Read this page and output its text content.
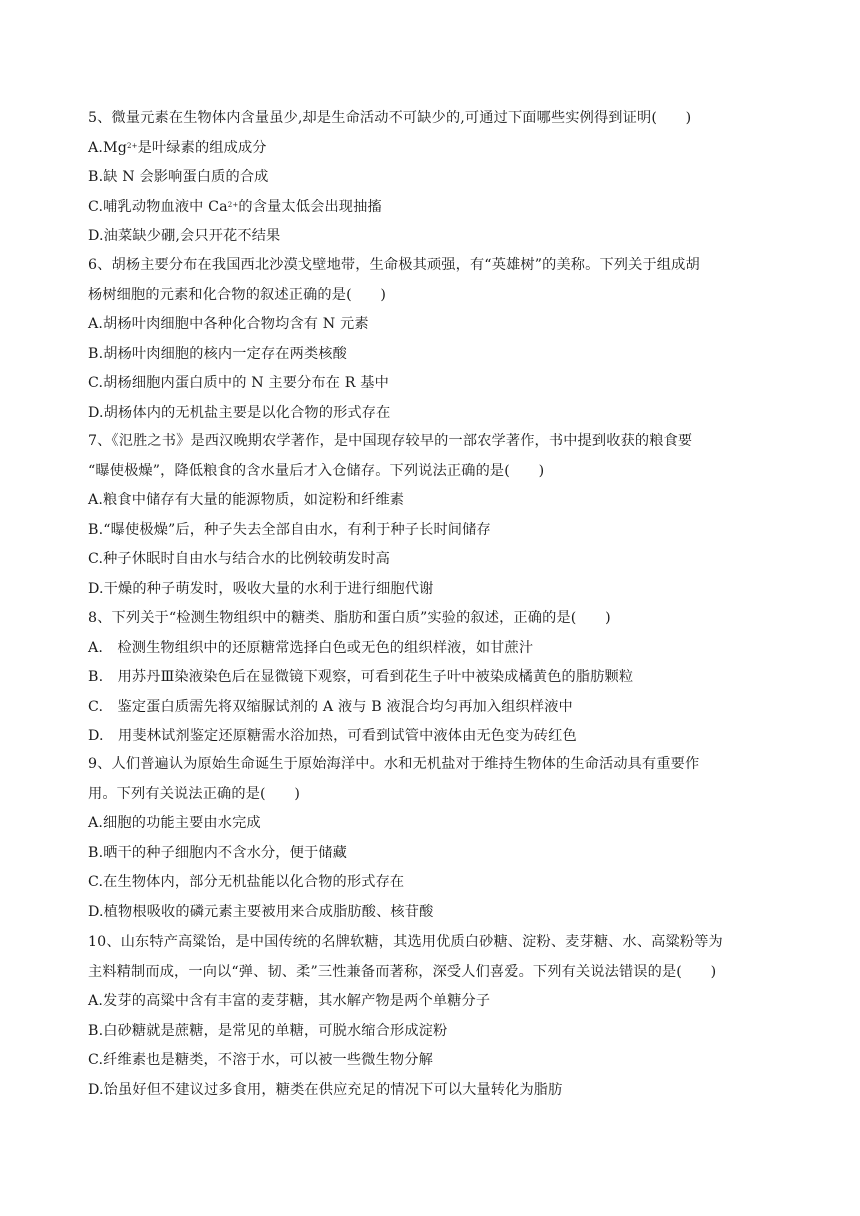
5、微量元素在生物体内含量虽少,却是生命活动不可缺少的,可通过下面哪些实例得到证明(　　)
$A.Mg^{2+}$是叶绿素的组成成分
B.缺 N 会影响蛋白质的合成
C.哺乳动物血液中 $Ca^{2+}$的含量太低会出现抽搐
D.油菜缺少硼,会只开花不结果
6、胡杨主要分布在我国西北沙漠戈壁地带，生命极其顽强，有“英雄树”的美称。下列关于组成胡
杨树细胞的元素和化合物的叙述正确的是(　　)
A.胡杨叶肉细胞中各种化合物均含有 N 元素
B.胡杨叶肉细胞的核内一定存在两类核酸
C.胡杨细胞内蛋白质中的 N 主要分布在 R 基中
D.胡杨体内的无机盐主要是以化合物的形式存在
7、《氾胜之书》是西汉晚期农学著作，是中国现存较早的一部农学著作，书中提到收获的粮食要
“曝使极燥”，降低粮食的含水量后才入仓储存。下列说法正确的是(　　)
A.粮食中储存有大量的能源物质，如淀粉和纤维素
B.“曝使极燥”后，种子失去全部自由水，有利于种子长时间储存
C.种子休眠时自由水与结合水的比例较萌发时高
D.干燥的种子萌发时，吸收大量的水利于进行细胞代谢
8、下列关于“检测生物组织中的糖类、脂肪和蛋白质”实验的叙述，正确的是(　　)
A.　检测生物组织中的还原糖常选择白色或无色的组织样液，如甘蔗汁
B.　用苏丹Ⅲ染液染色后在显微镜下观察，可看到花生子叶中被染成橘黄色的脂肪颗粒
C.　鉴定蛋白质需先将双缩脲试剂的 A 液与 B 液混合均匀再加入组织样液中
D.　用斐林试剂鉴定还原糖需水浴加热，可看到试管中液体由无色变为砖红色
9、人们普遍认为原始生命诞生于原始海洋中。水和无机盐对于维持生物体的生命活动具有重要作
用。下列有关说法正确的是(　　)
A.细胞的功能主要由水完成
B.晒干的种子细胞内不含水分，便于储藏
C.在生物体内，部分无机盐能以化合物的形式存在
D.植物根吸收的磷元素主要被用来合成脂肪酸、核苷酸
10、山东特产高粱饴，是中国传统的名牌软糖，其选用优质白砂糖、淀粉、麦芽糖、水、高粱粉等为
主料精制而成，一向以“弹、韧、柔”三性兼备而著称，深受人们喜爱。下列有关说法错误的是(　　)
A.发芽的高粱中含有丰富的麦芽糖，其水解产物是两个单糖分子
B.白砂糖就是蔗糖，是常见的单糖，可脱水缩合形成淀粉
C.纤维素也是糖类，不溶于水，可以被一些微生物分解
D.饴虽好但不建议过多食用，糖类在供应充足的情况下可以大量转化为脂肪
